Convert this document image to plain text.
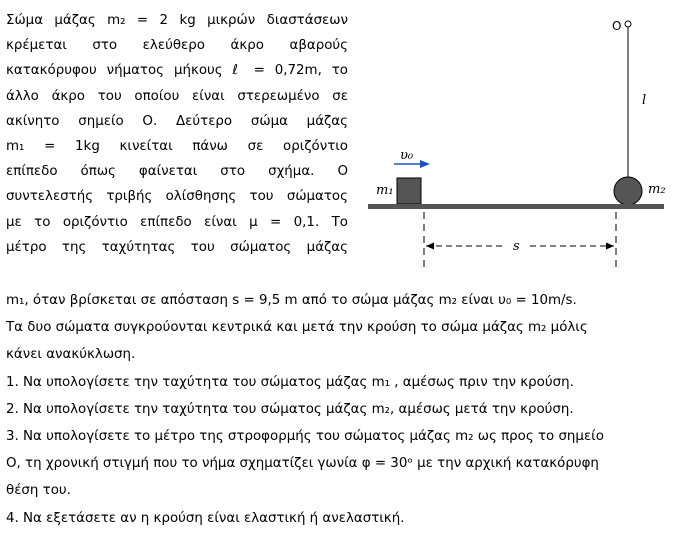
Σώμα μάζας m₂ = 2 kg μικρών διαστάσεων
κρέμεται στο ελεύθερο άκρο αβαρούς
κατακόρυφου νήματος μήκους ℓ = 0,72m, το
άλλο άκρο του οποίου είναι στερεωμένο σε
ακίνητο σημείο Ο. Δεύτερο σώμα μάζας
m₁ = 1kg κινείται πάνω σε οριζόντιο
επίπεδο όπως φαίνεται στο σχήμα. Ο
συντελεστής τριβής ολίσθησης του σώματος
με το οριζόντιο επίπεδο είναι μ = 0,1. Το
μέτρο της ταχύτητας του σώματος μάζας
O
l
υ₀
m₁	m₂
s
m₁, όταν βρίσκεται σε απόσταση s = 9,5 m από το σώμα μάζας m₂ είναι υ₀ = 10m/s.
Τα δυο σώματα συγκρούονται κεντρικά και μετά την κρούση το σώμα μάζας m₂ μόλις
κάνει ανακύκλωση.
1. Να υπολογίσετε την ταχύτητα του σώματος μάζας m₁ , αμέσως πριν την κρούση.
2. Να υπολογίσετε την ταχύτητα του σώματος μάζας m₂, αμέσως μετά την κρούση.
3. Να υπολογίσετε το μέτρο της στροφορμής του σώματος μάζας m₂ ως προς το σημείο
Ο, τη χρονική στιγμή που το νήμα σχηματίζει γωνία φ = 30ᵒ με την αρχική κατακόρυφη
θέση του.
4. Να εξετάσετε αν η κρούση είναι ελαστική ή ανελαστική.
